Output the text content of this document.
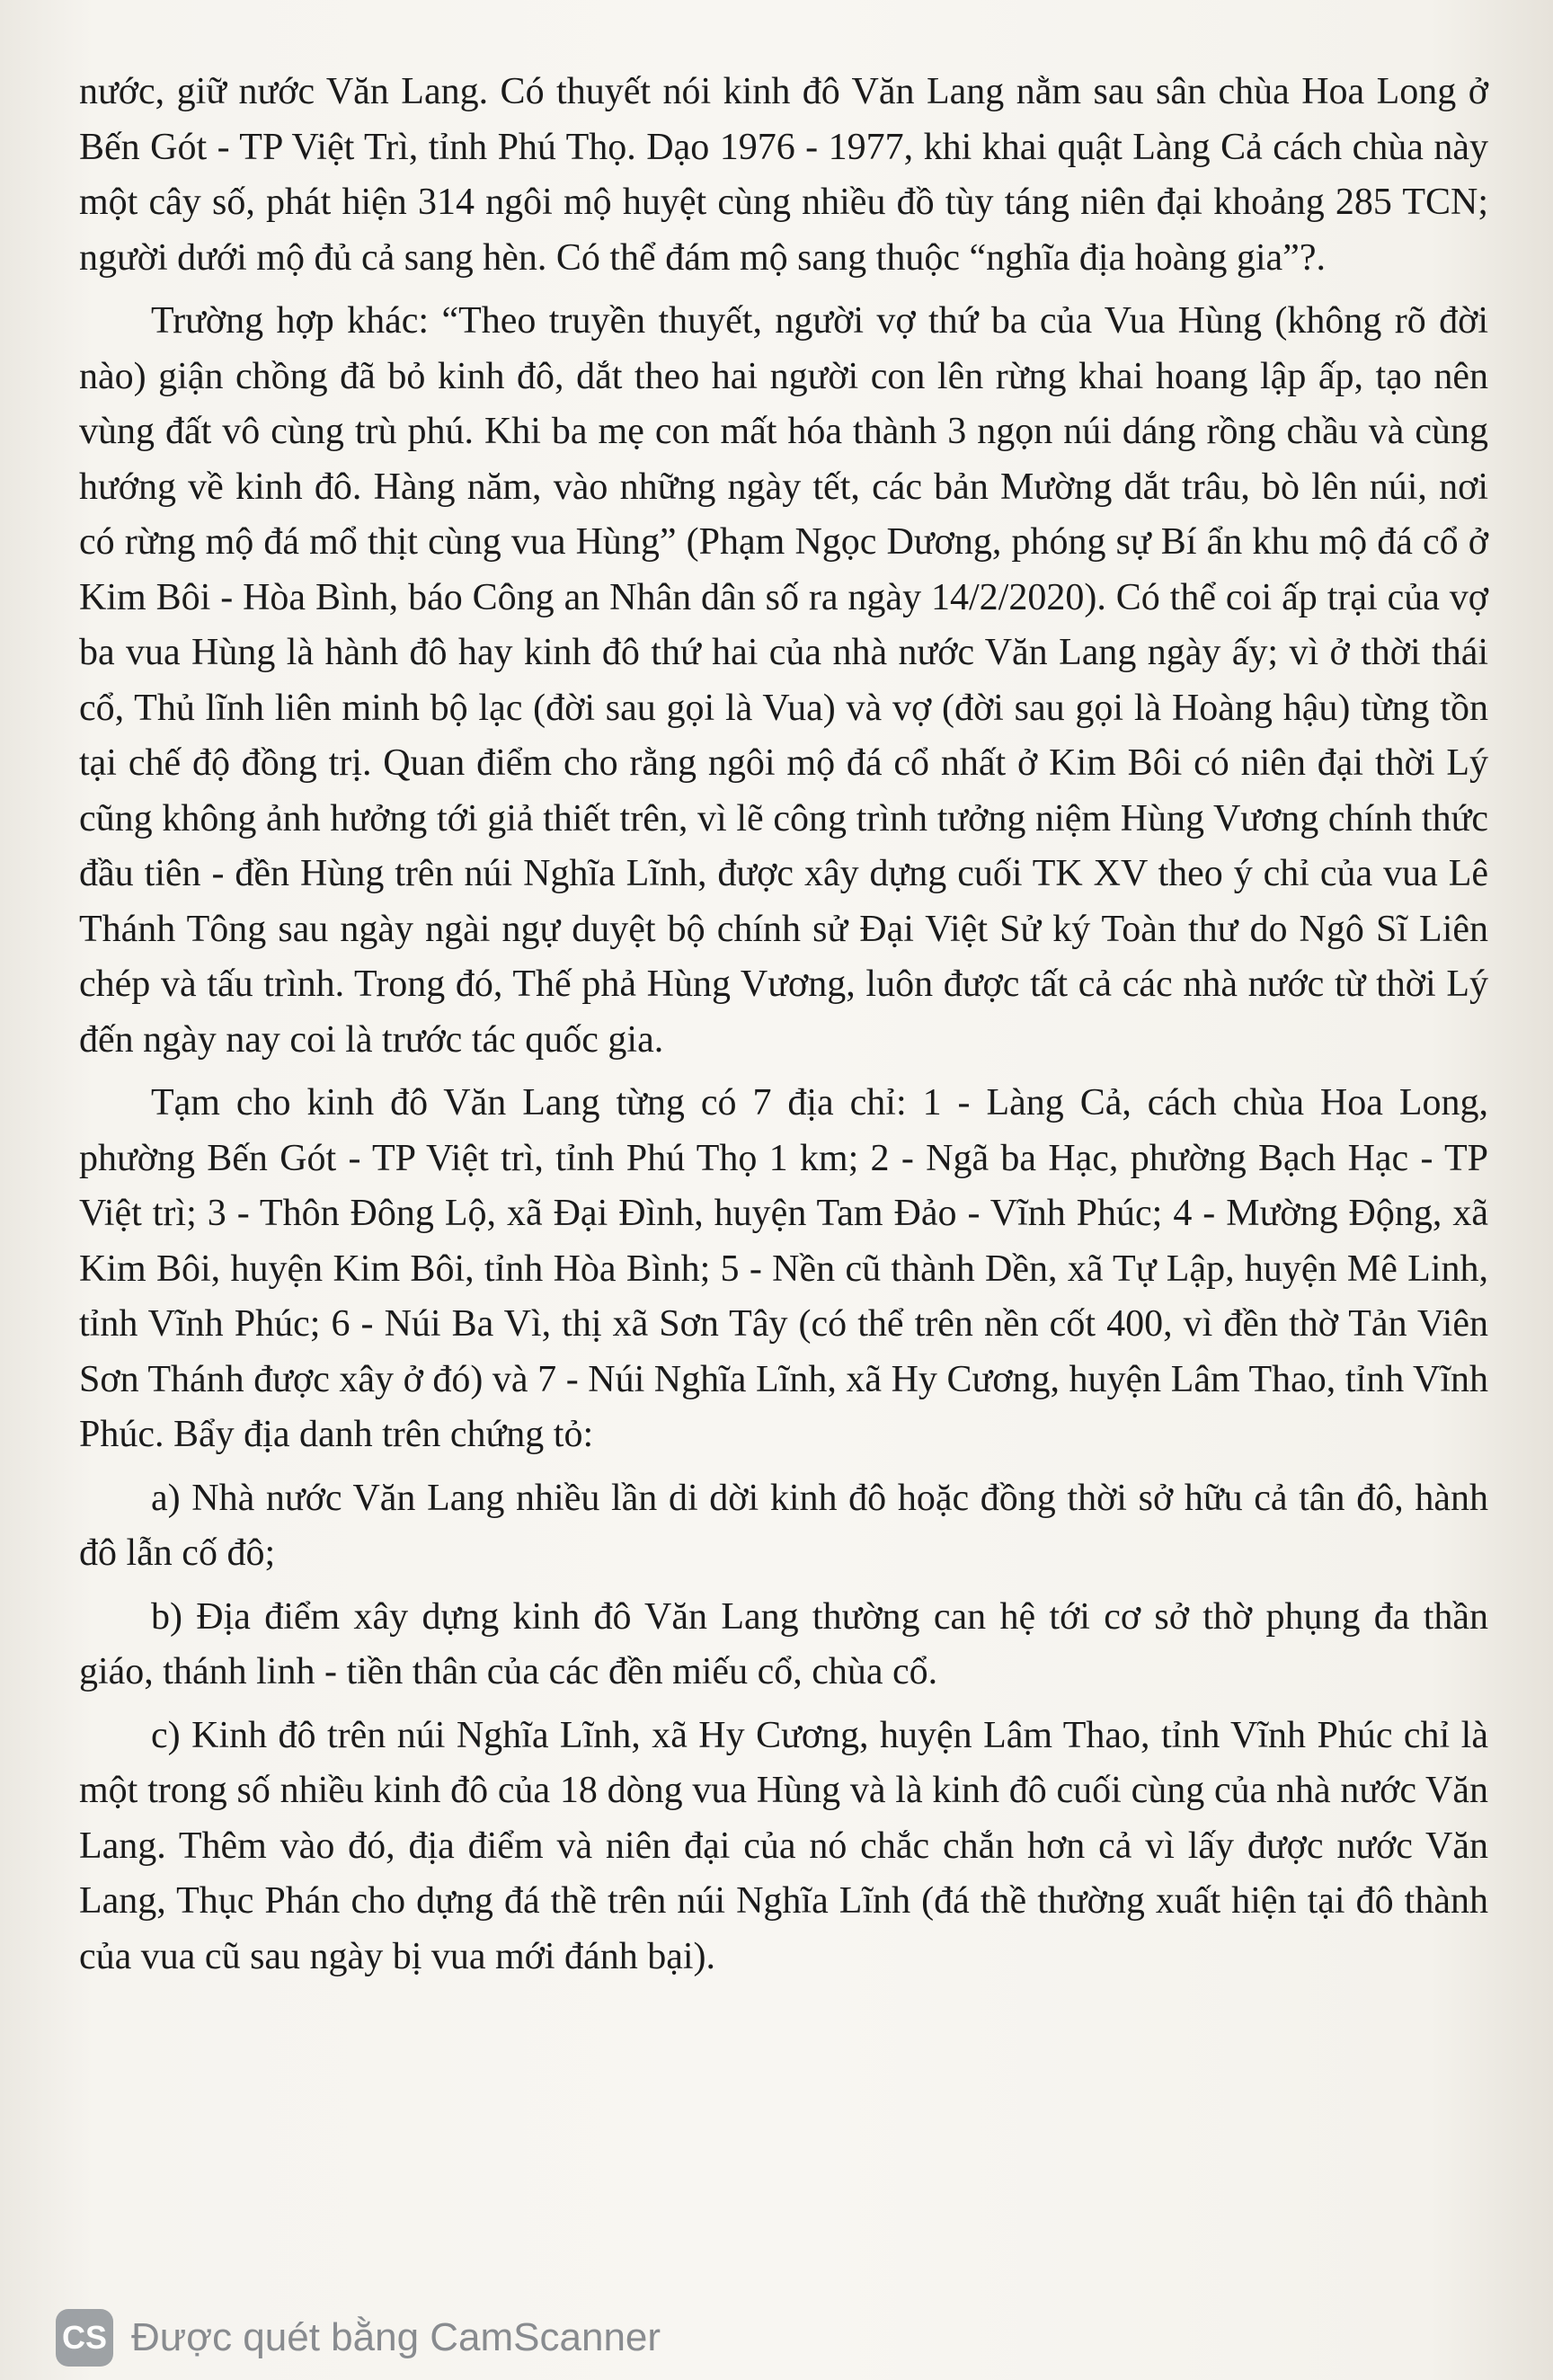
nước, giữ nước Văn Lang. Có thuyết nói kinh đô Văn Lang nằm sau sân chùa Hoa Long ở Bến Gót - TP Việt Trì, tỉnh Phú Thọ. Dạo 1976 - 1977, khi khai quật Làng Cả cách chùa này một cây số, phát hiện 314 ngôi mộ huyệt cùng nhiều đồ tùy táng niên đại khoảng 285 TCN; người dưới mộ đủ cả sang hèn. Có thể đám mộ sang thuộc “nghĩa địa hoàng gia”?.

Trường hợp khác: “Theo truyền thuyết, người vợ thứ ba của Vua Hùng (không rõ đời nào) giận chồng đã bỏ kinh đô, dắt theo hai người con lên rừng khai hoang lập ấp, tạo nên vùng đất vô cùng trù phú. Khi ba mẹ con mất hóa thành 3 ngọn núi dáng rồng chầu và cùng hướng về kinh đô. Hàng năm, vào những ngày tết, các bản Mường dắt trâu, bò lên núi, nơi có rừng mộ đá mổ thịt cùng vua Hùng” (Phạm Ngọc Dương, phóng sự Bí ẩn khu mộ đá cổ ở Kim Bôi - Hòa Bình, báo Công an Nhân dân số ra ngày 14/2/2020). Có thể coi ấp trại của vợ ba vua Hùng là hành đô hay kinh đô thứ hai của nhà nước Văn Lang ngày ấy; vì ở thời thái cổ, Thủ lĩnh liên minh bộ lạc (đời sau gọi là Vua) và vợ (đời sau gọi là Hoàng hậu) từng tồn tại chế độ đồng trị. Quan điểm cho rằng ngôi mộ đá cổ nhất ở Kim Bôi có niên đại thời Lý cũng không ảnh hưởng tới giả thiết trên, vì lẽ công trình tưởng niệm Hùng Vương chính thức đầu tiên - đền Hùng trên núi Nghĩa Lĩnh, được xây dựng cuối TK XV theo ý chỉ của vua Lê Thánh Tông sau ngày ngài ngự duyệt bộ chính sử Đại Việt Sử ký Toàn thư do Ngô Sĩ Liên chép và tấu trình. Trong đó, Thế phả Hùng Vương, luôn được tất cả các nhà nước từ thời Lý đến ngày nay coi là trước tác quốc gia.

Tạm cho kinh đô Văn Lang từng có 7 địa chỉ: 1 - Làng Cả, cách chùa Hoa Long, phường Bến Gót - TP Việt trì, tỉnh Phú Thọ 1 km; 2 - Ngã ba Hạc, phường Bạch Hạc - TP Việt trì; 3 - Thôn Đông Lộ, xã Đại Đình, huyện Tam Đảo - Vĩnh Phúc; 4 - Mường Động, xã Kim Bôi, huyện Kim Bôi, tỉnh Hòa Bình; 5 - Nền cũ thành Dền, xã Tự Lập, huyện Mê Linh, tỉnh Vĩnh Phúc; 6 - Núi Ba Vì, thị xã Sơn Tây (có thể trên nền cốt 400, vì đền thờ Tản Viên Sơn Thánh được xây ở đó) và 7 - Núi Nghĩa Lĩnh, xã Hy Cương, huyện Lâm Thao, tỉnh Vĩnh Phúc. Bẩy địa danh trên chứng tỏ:

a) Nhà nước Văn Lang nhiều lần di dời kinh đô hoặc đồng thời sở hữu cả tân đô, hành đô lẫn cố đô;

b) Địa điểm xây dựng kinh đô Văn Lang thường can hệ tới cơ sở thờ phụng đa thần giáo, thánh linh - tiền thân của các đền miếu cổ, chùa cổ.

c) Kinh đô trên núi Nghĩa Lĩnh, xã Hy Cương, huyện Lâm Thao, tỉnh Vĩnh Phúc chỉ là một trong số nhiều kinh đô của 18 dòng vua Hùng và là kinh đô cuối cùng của nhà nước Văn Lang. Thêm vào đó, địa điểm và niên đại của nó chắc chắn hơn cả vì lấy được nước Văn Lang, Thục Phán cho dựng đá thề trên núi Nghĩa Lĩnh (đá thề thường xuất hiện tại đô thành của vua cũ sau ngày bị vua mới đánh bại).

CS Được quét bằng CamScanner
